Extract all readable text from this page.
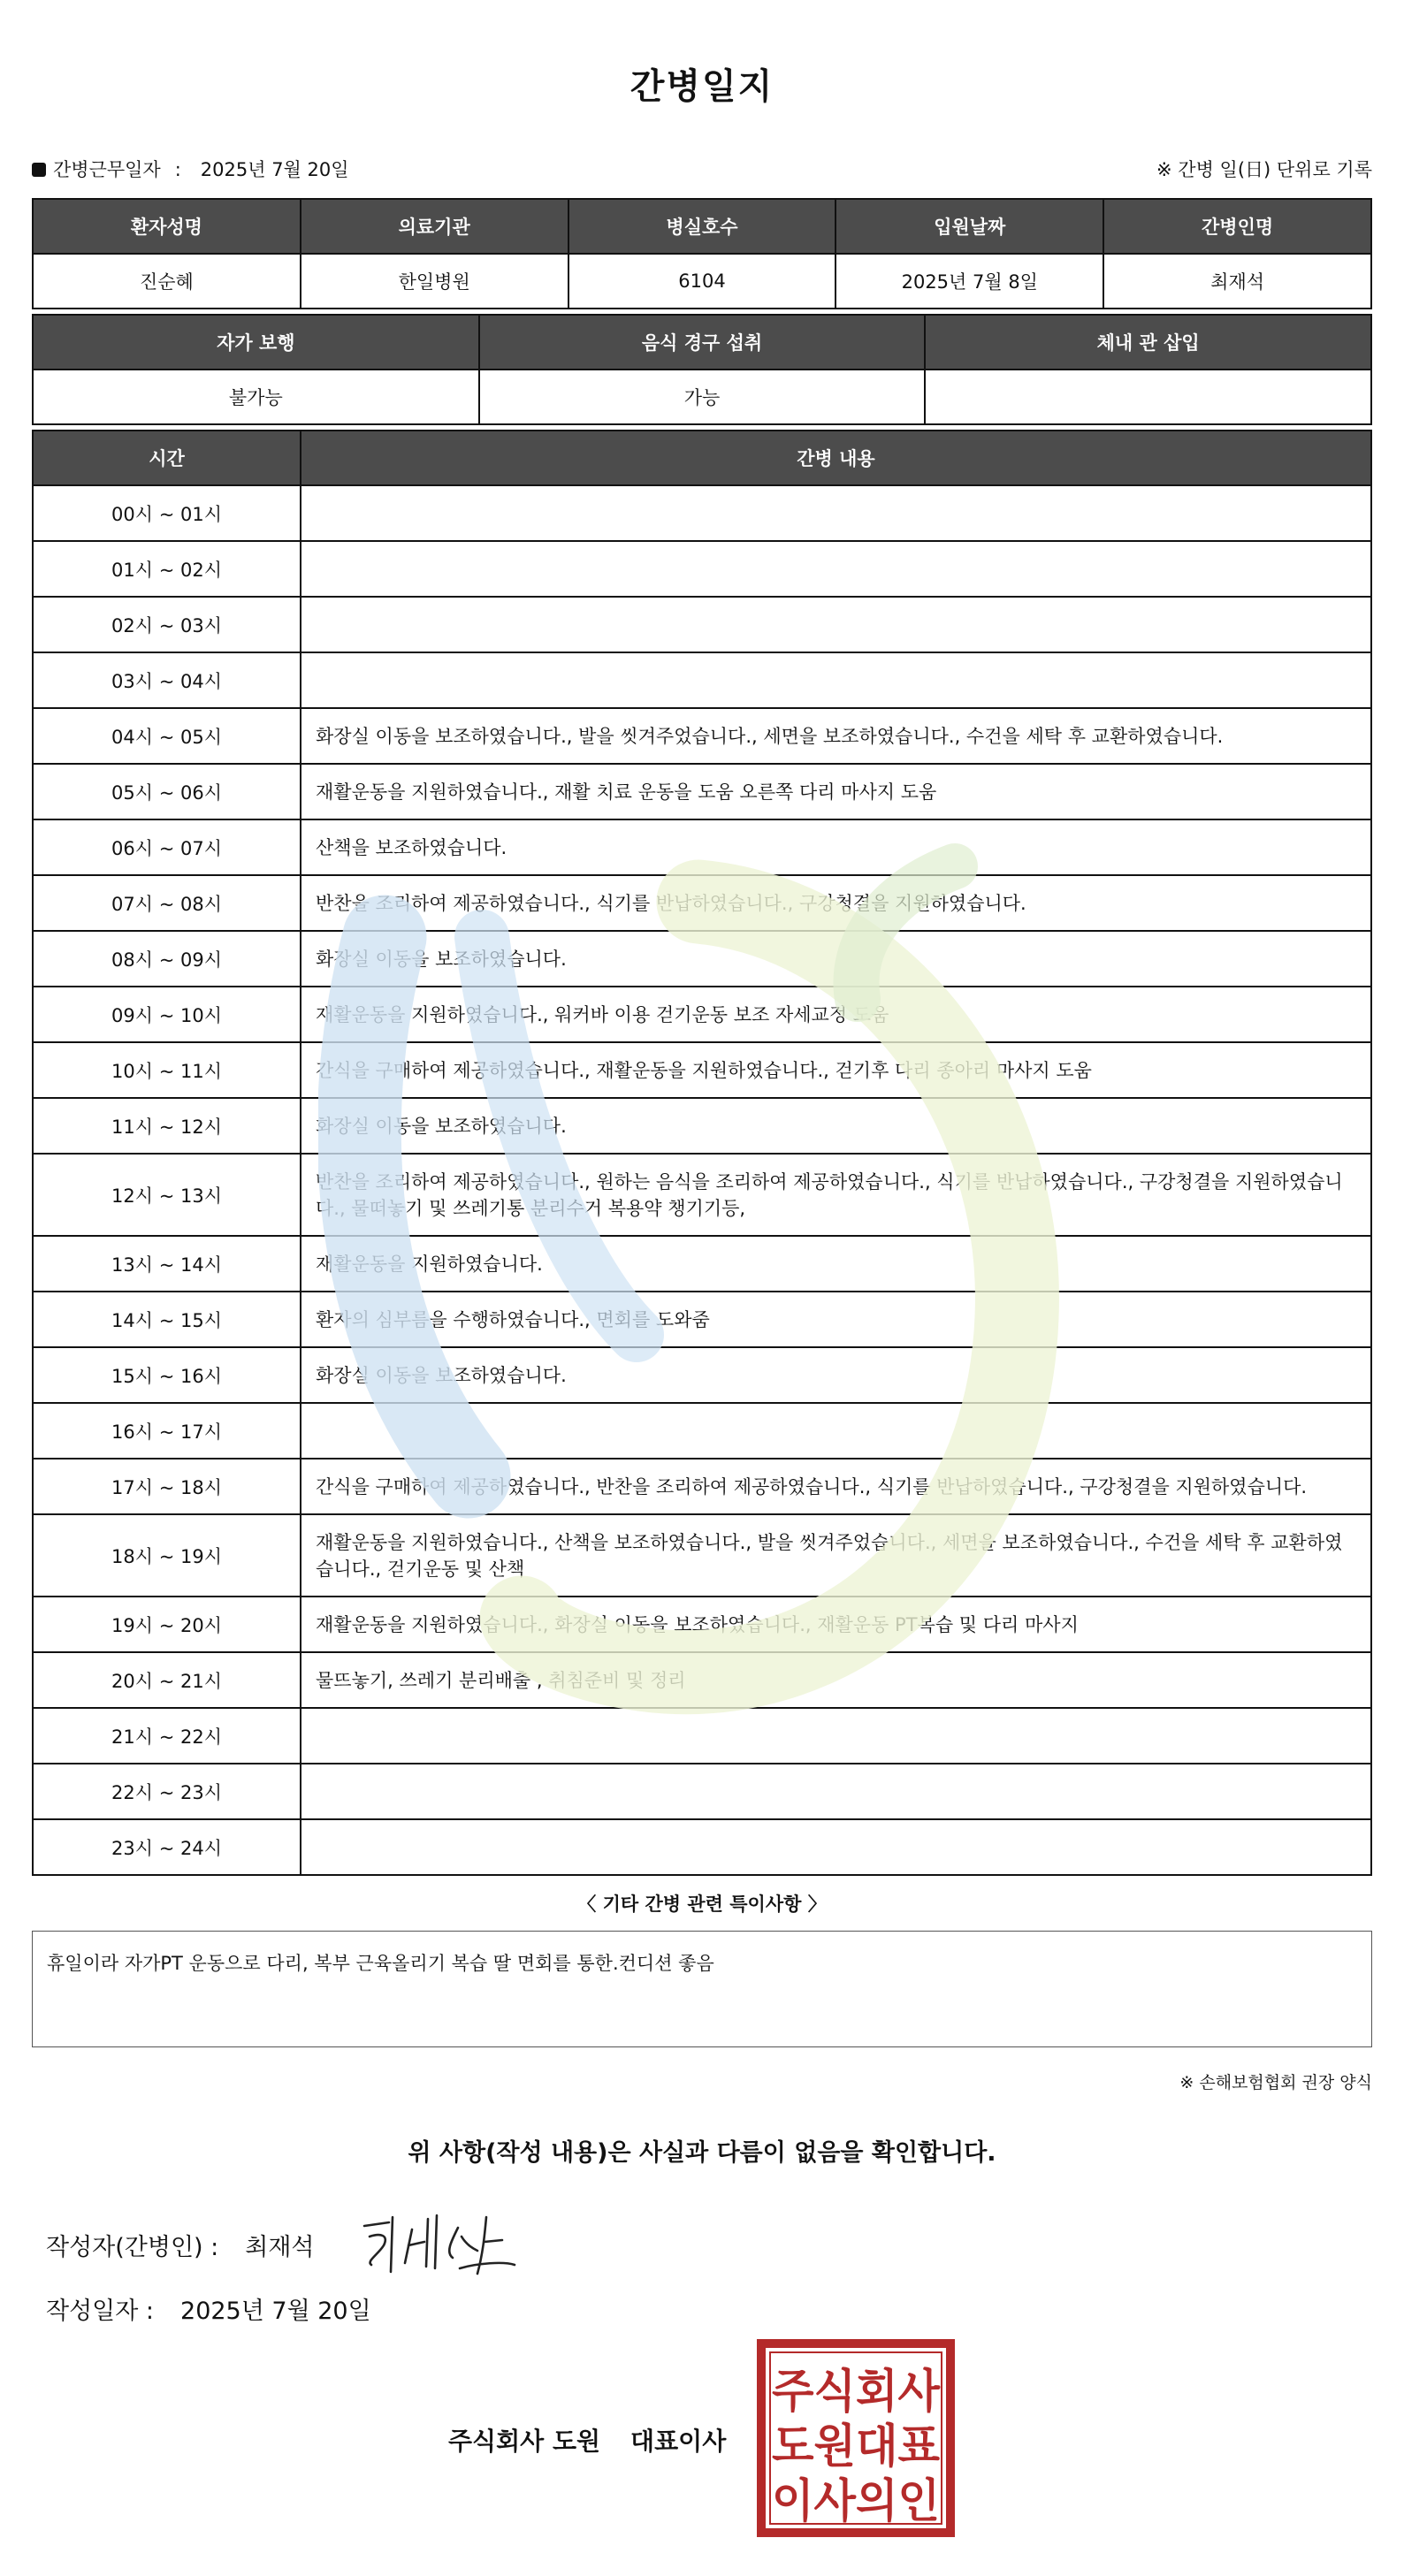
간병일지
간병근무일자 : 2025년 7월 20일	※ 간병 일(日) 단위로 기록
환자성명	의료기관	병실호수	입원날짜	간병인명
진순혜	한일병원	6104	2025년 7월 8일	최재석
자가 보행	음식 경구 섭취	체내 관 삽입
불가능	가능	
시간	간병 내용
00시 ~ 01시	
01시 ~ 02시	
02시 ~ 03시	
03시 ~ 04시	
04시 ~ 05시	화장실 이동을 보조하였습니다., 발을 씻겨주었습니다., 세면을 보조하였습니다., 수건을 세탁 후 교환하였습니다.
05시 ~ 06시	재활운동을 지원하였습니다., 재활 치료 운동을 도움 오른쪽 다리 마사지 도움
06시 ~ 07시	산책을 보조하였습니다.
07시 ~ 08시	반찬을 조리하여 제공하였습니다., 식기를 반납하였습니다., 구강청결을 지원하였습니다.
08시 ~ 09시	화장실 이동을 보조하였습니다.
09시 ~ 10시	재활운동을 지원하였습니다., 워커바 이용 걷기운동 보조 자세교정 도움
10시 ~ 11시	간식을 구매하여 제공하였습니다., 재활운동을 지원하였습니다., 걷기후 다리 종아리 마사지 도움
11시 ~ 12시	화장실 이동을 보조하였습니다.
12시 ~ 13시	반찬을 조리하여 제공하였습니다., 원하는 음식을 조리하여 제공하였습니다., 식기를 반납하였습니다., 구강청결을 지원하였습니다., 물떠놓기 및 쓰레기통 분리수거 복용약 챙기기등,
13시 ~ 14시	재활운동을 지원하였습니다.
14시 ~ 15시	환자의 심부름을 수행하였습니다., 면회를 도와줌
15시 ~ 16시	화장실 이동을 보조하였습니다.
16시 ~ 17시	
17시 ~ 18시	간식을 구매하여 제공하였습니다., 반찬을 조리하여 제공하였습니다., 식기를 반납하였습니다., 구강청결을 지원하였습니다.
18시 ~ 19시	재활운동을 지원하였습니다., 산책을 보조하였습니다., 발을 씻겨주었습니다., 세면을 보조하였습니다., 수건을 세탁 후 교환하였습니다., 걷기운동 및 산책
19시 ~ 20시	재활운동을 지원하였습니다., 화장실 이동을 보조하였습니다., 재활운동 PT복습 및 다리 마사지
20시 ~ 21시	물뜨놓기, 쓰레기 분리배출 , 취침준비 및 정리
21시 ~ 22시	
22시 ~ 23시	
23시 ~ 24시	
〈 기타 간병 관련 특이사항 〉
휴일이라 자가PT 운동으로 다리, 복부 근육올리기 복습 딸 면회를 통한.컨디션 좋음
※ 손해보험협회 권장 양식
위 사항(작성 내용)은 사실과 다름이 없음을 확인합니다.
작성자(간병인) : 최재석
작성일자 : 2025년 7월 20일
주식회사 도원 대표이사
주식회사
도원대표
이사의인
